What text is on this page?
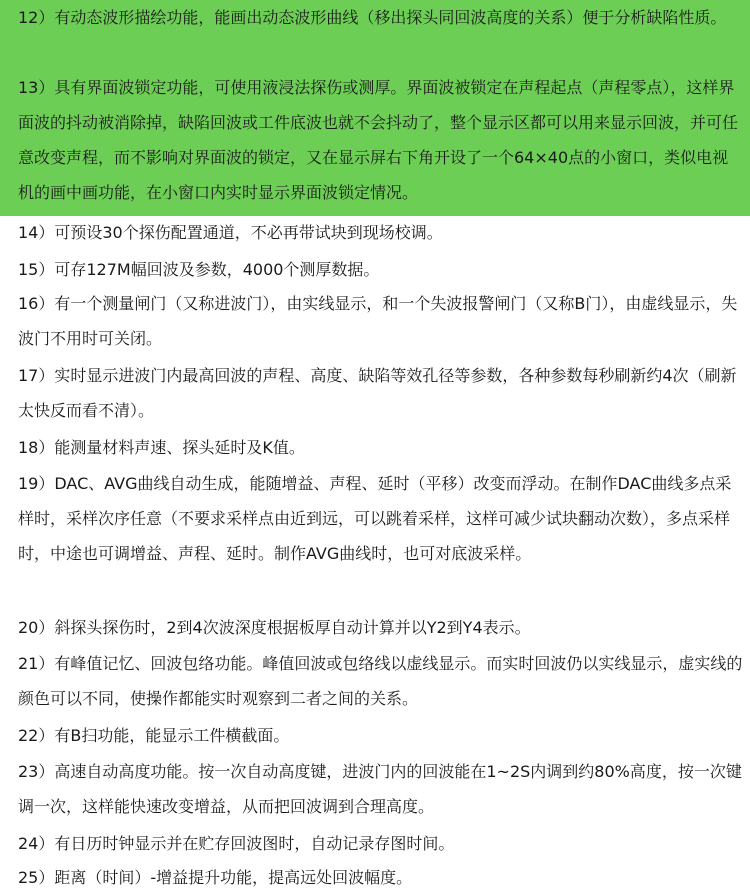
12）有动态波形描绘功能，能画出动态波形曲线（移出探头同回波高度的关系）便于分析缺陷性质。

13）具有界面波锁定功能，可使用液浸法探伤或测厚。界面波被锁定在声程起点（声程零点），这样界面波的抖动被消除掉，缺陷回波或工件底波也就不会抖动了，整个显示区都可以用来显示回波，并可任意改变声程，而不影响对界面波的锁定，又在显示屏右下角开设了一个64×40点的小窗口，类似电视机的画中画功能，在小窗口内实时显示界面波锁定情况。

14）可预设30个探伤配置通道，不必再带试块到现场校调。

15）可存127M幅回波及参数，4000个测厚数据。

16）有一个测量闸门（又称进波门），由实线显示，和一个失波报警闸门（又称B门），由虚线显示，失波门不用时可关闭。

17）实时显示进波门内最高回波的声程、高度、缺陷等效孔径等参数，各种参数每秒刷新约4次（刷新太快反而看不清）。

18）能测量材料声速、探头延时及K值。

19）DAC、AVG曲线自动生成，能随增益、声程、延时（平移）改变而浮动。在制作DAC曲线多点采样时，采样次序任意（不要求采样点由近到远，可以跳着采样，这样可减少试块翻动次数），多点采样时，中途也可调增益、声程、延时。制作AVG曲线时，也可对底波采样。

20）斜探头探伤时，2到4次波深度根据板厚自动计算并以Y2到Y4表示。

21）有峰值记忆、回波包络功能。峰值回波或包络线以虚线显示。而实时回波仍以实线显示，虚实线的颜色可以不同，使操作都能实时观察到二者之间的关系。

22）有B扫功能，能显示工件横截面。

23）高速自动高度功能。按一次自动高度键，进波门内的回波能在1~2S内调到约80%高度，按一次键调一次，这样能快速改变增益，从而把回波调到合理高度。

24）有日历时钟显示并在贮存回波图时，自动记录存图时间。

25）距离（时间）-增益提升功能，提高远处回波幅度。
